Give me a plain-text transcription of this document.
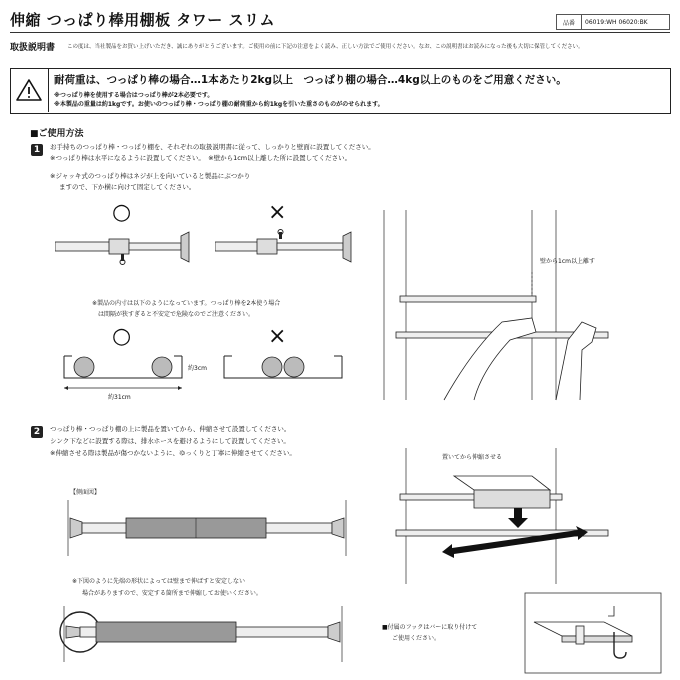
伸縮 つっぱり棒用棚板 タワー スリム	品番	06019:WH 06020:BK
取扱説明書 この度は、当社製品をお買い上げいただき、誠にありがとうございます。ご使用の前に下記の注意をよく読み、正しい方法でご使用ください。なお、この説明書はお読みになった後も大切に保管してください。
耐荷重は、つっぱり棒の場合…1本あたり2kg以上　つっぱり棚の場合…4kg以上のものをご用意ください。
※つっぱり棒を使用する場合はつっぱり棒が2本必要です。
※本製品の重量は約1kgです。お使いのつっぱり棒・つっぱり棚の耐荷重から約1kgを引いた重さのものがのせられます。
■ご使用方法
1	お手持ちのつっぱり棒・つっぱり棚を、それぞれの取扱説明書に従って、しっかりと壁面に設置してください。
※つっぱり棒は水平になるように設置してください。　※壁から1cm以上離した所に設置してください。
※ジャッキ式のつっぱり棒はネジが上を向いていると製品にぶつかり
ますので、下か横に向けて固定してください。
○	×
※製品の内寸は以下のようになっています。つっぱり棒を2本使う場合
は間隔が狭すぎると不安定で危険なのでご注意ください。
○	×
約3cm
約31cm
壁から1cm以上離す
2	つっぱり棒・つっぱり棚の上に製品を置いてから、伸縮させて設置してください。
シンク下などに設置する際は、排水ホースを避けるようにして設置してください。
※伸縮させる際は製品が傷つかないように、ゆっくりと丁寧に伸縮させてください。
【側面図】
※下図のように先端の形状によっては壁まで伸ばすと安定しない
場合がありますので、安定する箇所まで伸縮してお使いください。
置いてから伸縮させる
■付属のフックはバーに取り付けて
ご使用ください。
